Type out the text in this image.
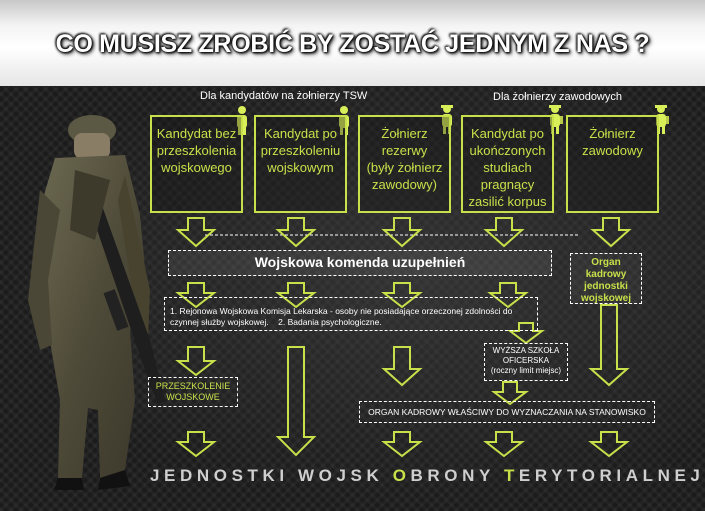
CO MUSISZ ZROBIĆ BY ZOSTAĆ JEDNYM Z NAS ?
Dla kandydatów na żołnierzy TSW	Dla żołnierzy zawodowych
Kandydat bez
przeszkolenia
wojskowego
Kandydat po
przeszkoleniu
wojskowym
Żołnierz
rezerwy
(były żołnierz
zawodowy)
Kandydat po
ukończonych
studiach
pragnący
zasilić korpus
Żołnierz
zawodowy
Wojskowa komenda uzupełnień	Organ kadrowy
jednostki
wojskowej
1. Rejonowa Wojskowa Komisja Lekarska - osoby nie posiadające orzeczonej zdolności do
czynnej służby wojskowej.    2. Badania psychologiczne.
PRZESZKOLENIE
WOJSKOWE
WYŻSZA SZKOŁA
OFICERSKA
(roczny limit miejsc)
ORGAN KADROWY WŁAŚCIWY DO WYZNACZANIA NA STANOWISKO
JEDNOSTKI WOJSK OBRONY TERYTORIALNEJ
